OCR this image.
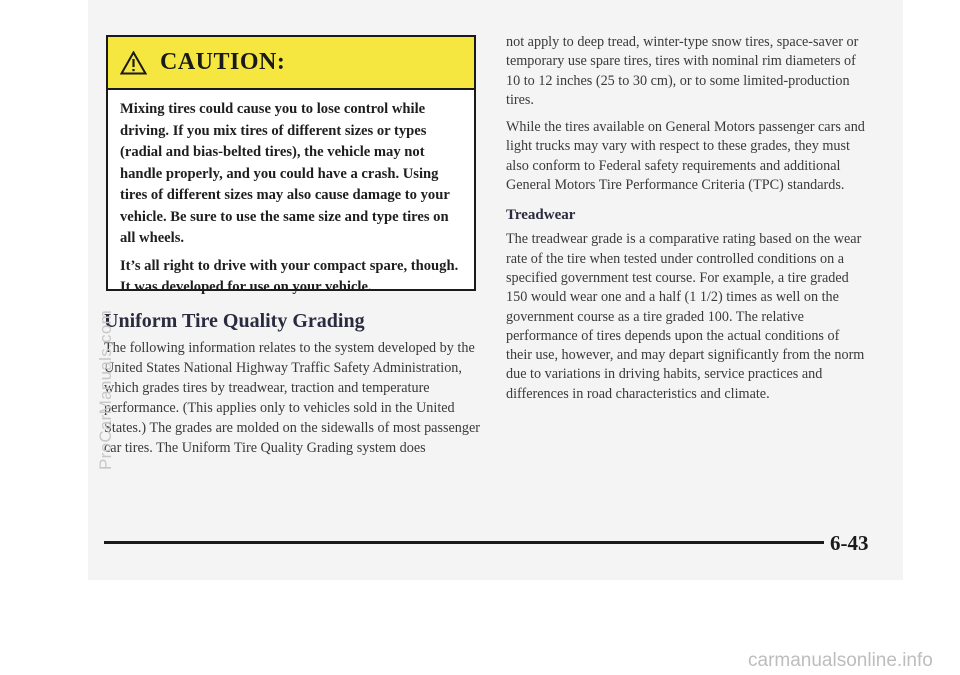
CAUTION:

Mixing tires could cause you to lose control while driving. If you mix tires of different sizes or types (radial and bias-belted tires), the vehicle may not handle properly, and you could have a crash. Using tires of different sizes may also cause damage to your vehicle. Be sure to use the same size and type tires on all wheels.

It’s all right to drive with your compact spare, though. It was developed for use on your vehicle.

Uniform Tire Quality Grading

The following information relates to the system developed by the United States National Highway Traffic Safety Administration, which grades tires by treadwear, traction and temperature performance. (This applies only to vehicles sold in the United States.) The grades are molded on the sidewalls of most passenger car tires. The Uniform Tire Quality Grading system does

not apply to deep tread, winter-type snow tires, space-saver or temporary use spare tires, tires with nominal rim diameters of 10 to 12 inches (25 to 30 cm), or to some limited-production tires.

While the tires available on General Motors passenger cars and light trucks may vary with respect to these grades, they must also conform to Federal safety requirements and additional General Motors Tire Performance Criteria (TPC) standards.

Treadwear

The treadwear grade is a comparative rating based on the wear rate of the tire when tested under controlled conditions on a specified government test course. For example, a tire graded 150 would wear one and a half (1 1/2) times as well on the government course as a tire graded 100. The relative performance of tires depends upon the actual conditions of their use, however, and may depart significantly from the norm due to variations in driving habits, service practices and differences in road characteristics and climate.

6-43
ProCarManuals.com
carmanualsonline.info
